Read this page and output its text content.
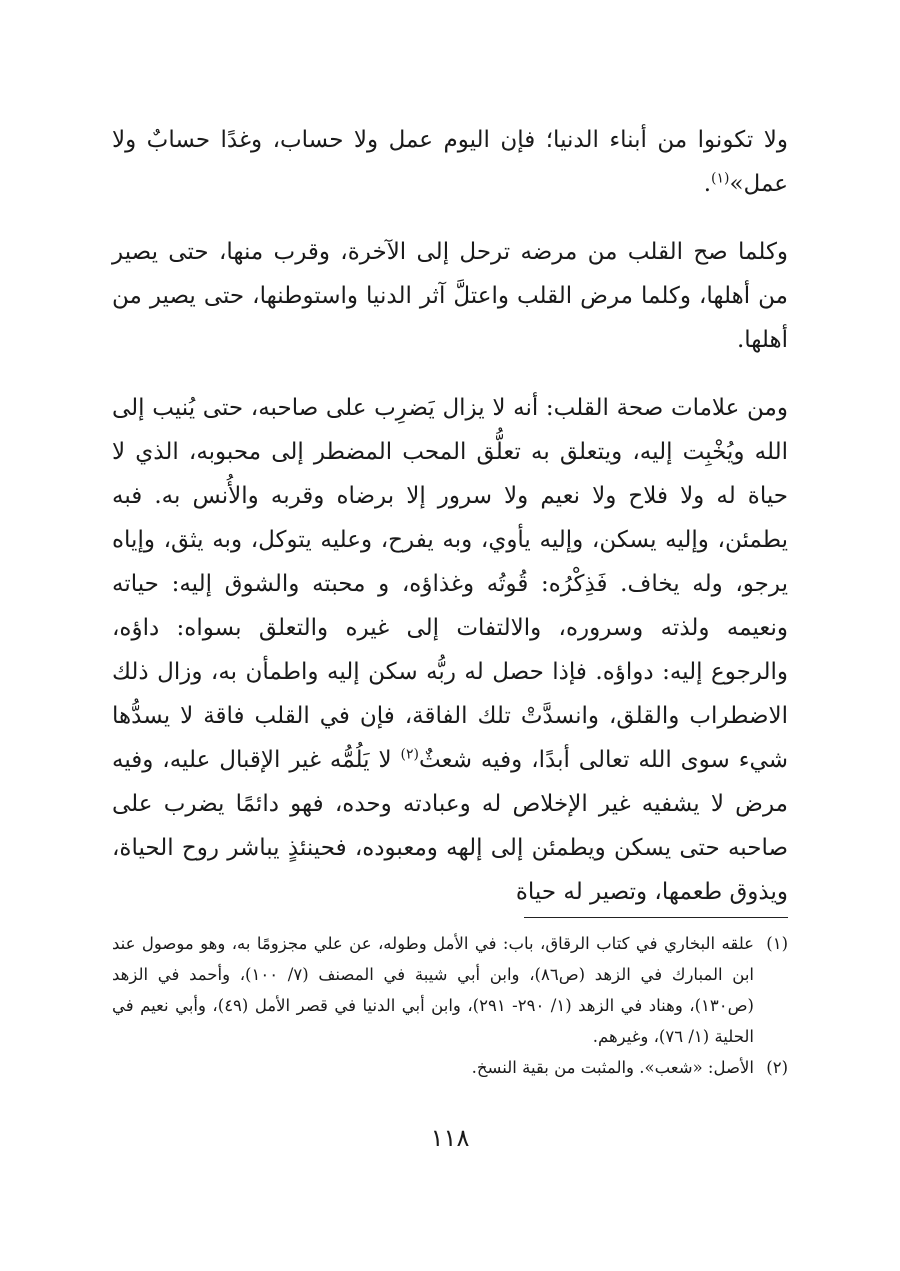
ولا تكونوا من أبناء الدنيا؛ فإن اليوم عمل ولا حساب، وغدًا حسابٌ ولا عمل»$^{(١)}$.

وكلما صح القلب من مرضه ترحل إلى الآخرة، وقرب منها، حتى يصير من أهلها، وكلما مرض القلب واعتلَّ آثر الدنيا واستوطنها، حتى يصير من أهلها.

ومن علامات صحة القلب: أنه لا يزال يَضرِب على صاحبه، حتى يُنيب إلى الله ويُخْبِت إليه، ويتعلق به تعلُّق المحب المضطر إلى محبوبه، الذي لا حياة له ولا فلاح ولا نعيم ولا سرور إلا برضاه وقربه والأُنس به. فبه يطمئن، وإليه يسكن، وإليه يأوي، وبه يفرح، وعليه يتوكل، وبه يثق، وإياه يرجو، وله يخاف. فَذِكْرُه: قُوتُه وغذاؤه، و محبته والشوق إليه: حياته ونعيمه ولذته وسروره، والالتفات إلى غيره والتعلق بسواه: داؤه، والرجوع إليه: دواؤه. فإذا حصل له ربُّه سكن إليه واطمأن به، وزال ذلك الاضطراب والقلق، وانسدَّتْ تلك الفاقة، فإن في القلب فاقة لا يسدُّها شيء سوى الله تعالى أبدًا، وفيه شعثٌ$^{(٢)}$ لا يَلُمُّه غير الإقبال عليه، وفيه مرض لا يشفيه غير الإخلاص له وعبادته وحده، فهو دائمًا يضرب على صاحبه حتى يسكن ويطمئن إلى إلهه ومعبوده، فحينئذٍ يباشر روح الحياة، ويذوق طعمها، وتصير له حياة

(١)
علقه البخاري في كتاب الرقاق، باب: في الأمل وطوله، عن علي مجزومًا به، وهو موصول عند ابن المبارك في الزهد (ص٨٦)، وابن أبي شيبة في المصنف (٧/ ١٠٠)، وأحمد في الزهد (ص١٣٠)، وهناد في الزهد (١/ ٢٩٠- ٢٩١)، وابن أبي الدنيا في قصر الأمل (٤٩)، وأبي نعيم في الحلية (١/ ٧٦)، وغيرهم.
(٢)
الأصل: «شعب». والمثبت من بقية النسخ.
١١٨
